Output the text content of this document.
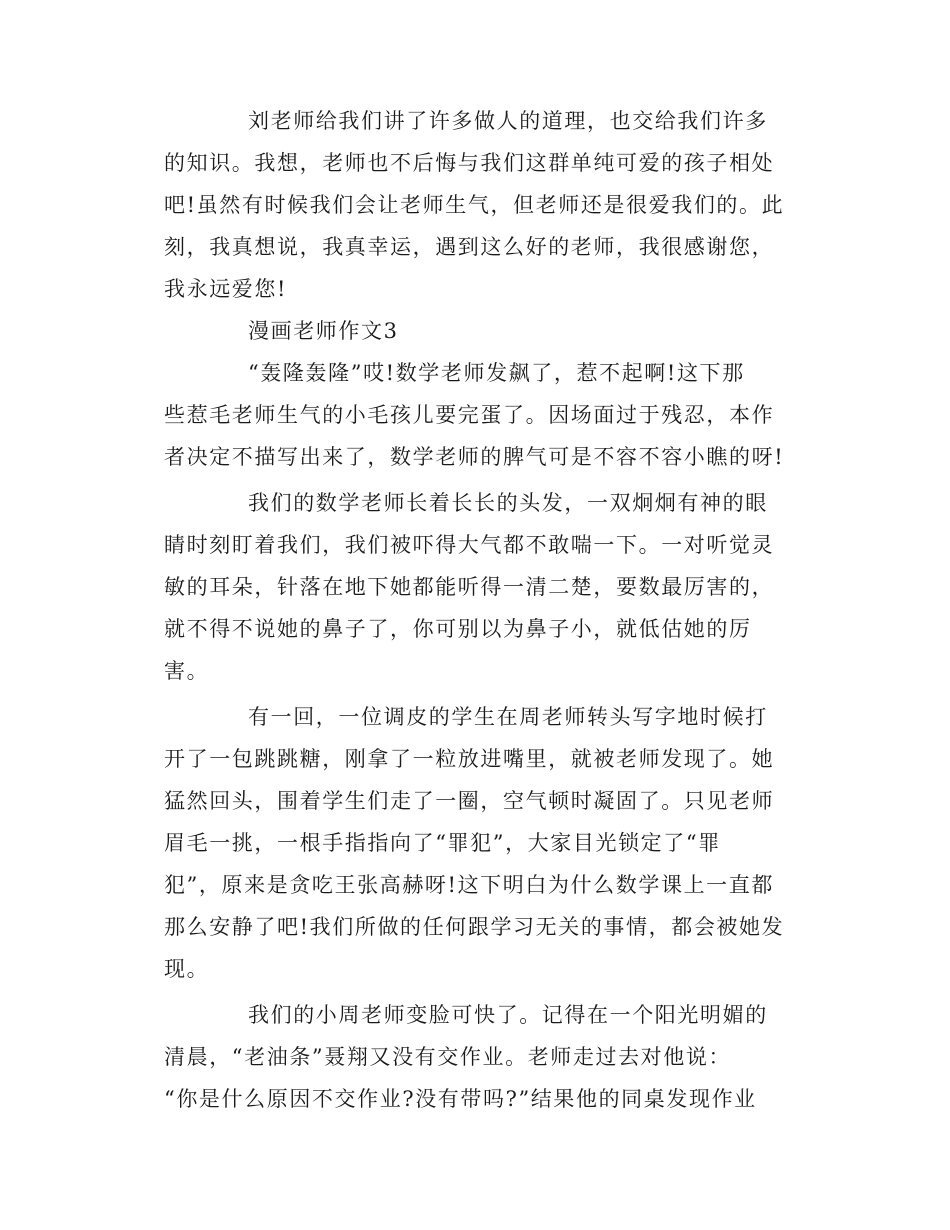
刘老师给我们讲了许多做人的道理，也交给我们许多
的知识。我想，老师也不后悔与我们这群单纯可爱的孩子相处
吧!虽然有时候我们会让老师生气，但老师还是很爱我们的。此
刻，我真想说，我真幸运，遇到这么好的老师，我很感谢您，
我永远爱您!

漫画老师作文3

“轰隆轰隆”哎!数学老师发飙了，惹不起啊!这下那
些惹毛老师生气的小毛孩儿要完蛋了。因场面过于残忍，本作
者决定不描写出来了，数学老师的脾气可是不容不容小瞧的呀!

我们的数学老师长着长长的头发，一双炯炯有神的眼
睛时刻盯着我们，我们被吓得大气都不敢喘一下。一对听觉灵
敏的耳朵，针落在地下她都能听得一清二楚，要数最厉害的，
就不得不说她的鼻子了，你可别以为鼻子小，就低估她的厉
害。

有一回，一位调皮的学生在周老师转头写字地时候打
开了一包跳跳糖，刚拿了一粒放进嘴里，就被老师发现了。她
猛然回头，围着学生们走了一圈，空气顿时凝固了。只见老师
眉毛一挑，一根手指指向了“罪犯”，大家目光锁定了“罪
犯”，原来是贪吃王张高赫呀!这下明白为什么数学课上一直都
那么安静了吧!我们所做的任何跟学习无关的事情，都会被她发
现。

我们的小周老师变脸可快了。记得在一个阳光明媚的
清晨，“老油条”聂翔又没有交作业。老师走过去对他说：
“你是什么原因不交作业?没有带吗?”结果他的同桌发现作业
